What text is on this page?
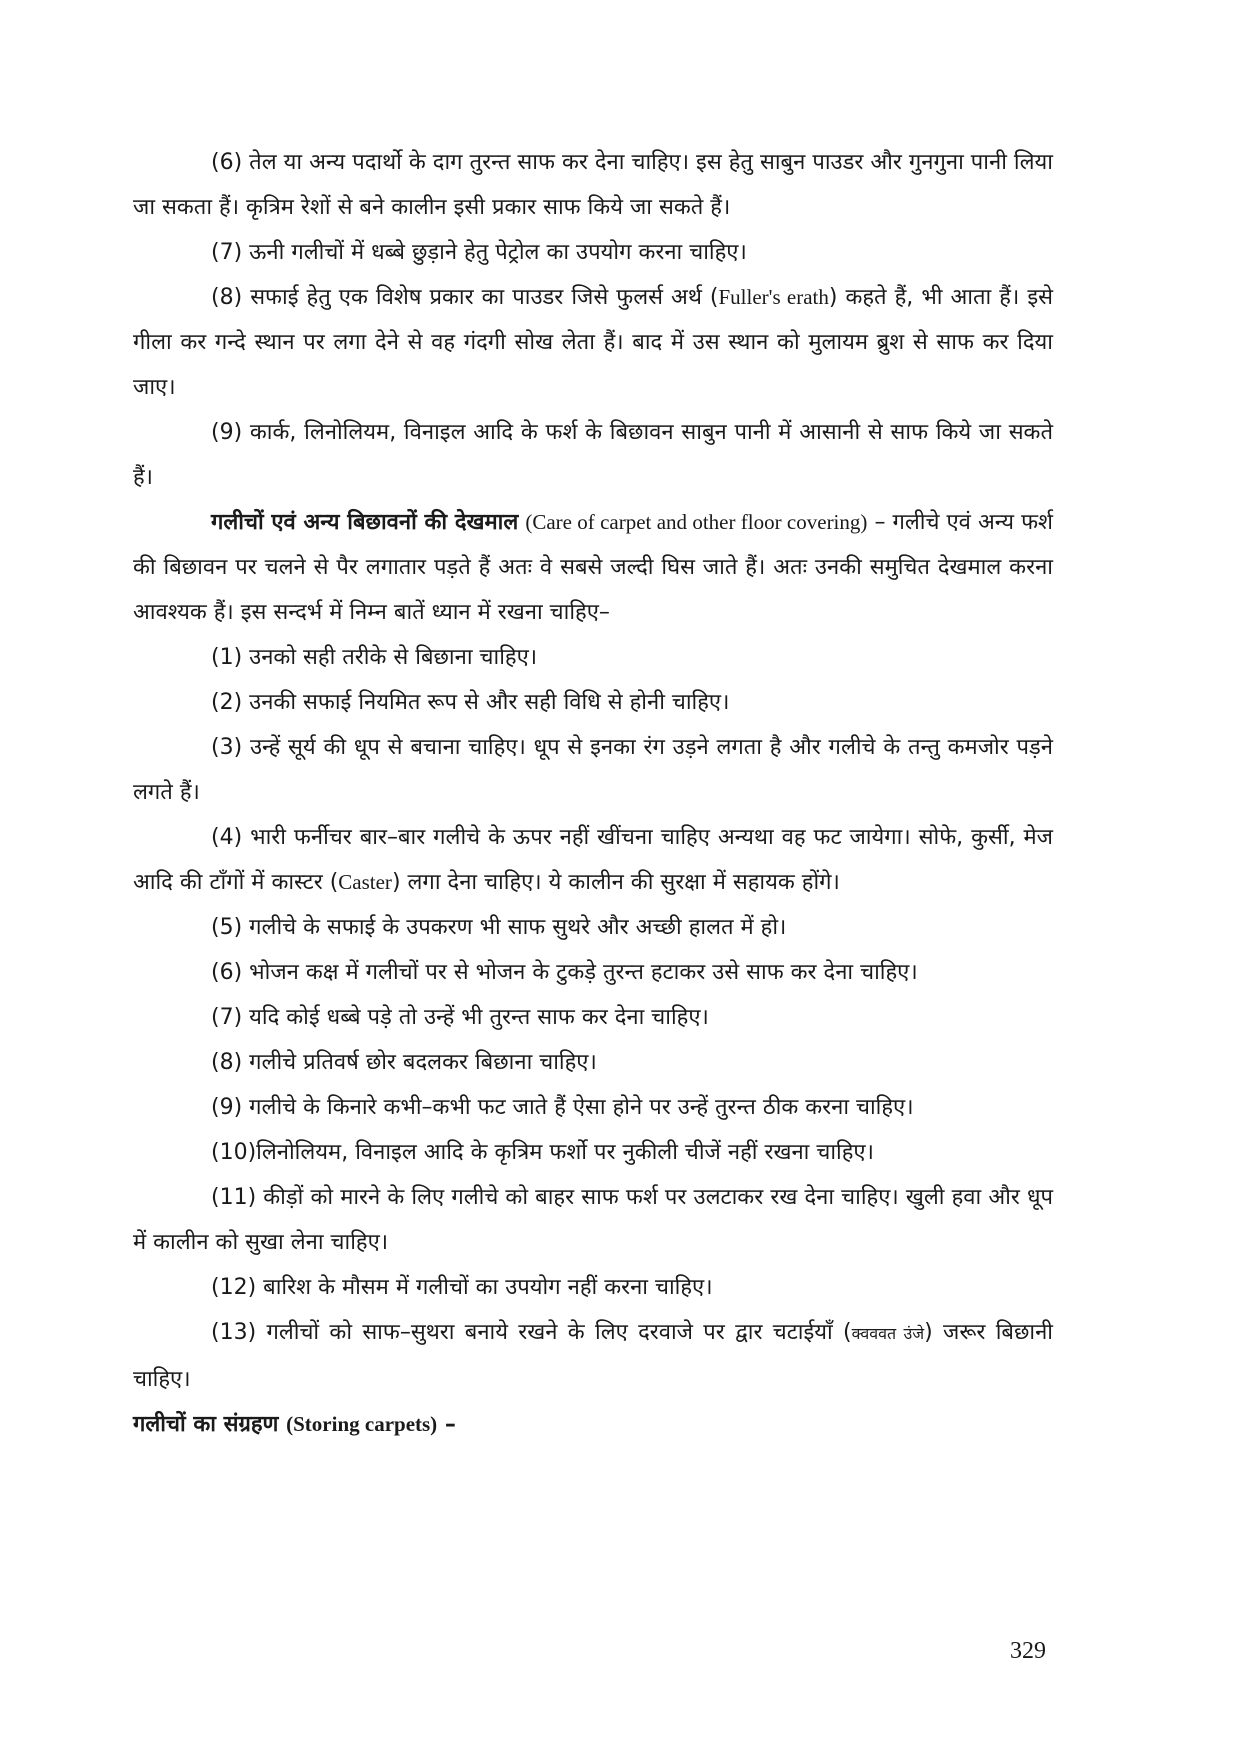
(6) तेल या अन्य पदार्थो के दाग तुरन्त साफ कर देना चाहिए। इस हेतु साबुन पाउडर और गुनगुना पानी लिया जा सकता हैं। कृत्रिम रेशों से बने कालीन इसी प्रकार साफ किये जा सकते हैं।

(7) ऊनी गलीचों में धब्बे छुड़ाने हेतु पेट्रोल का उपयोग करना चाहिए।

(8) सफाई हेतु एक विशेष प्रकार का पाउडर जिसे फुलर्स अर्थ (Fuller's erath) कहते हैं, भी आता हैं। इसे गीला कर गन्दे स्थान पर लगा देने से वह गंदगी सोख लेता हैं। बाद में उस स्थान को मुलायम ब्रुश से साफ कर दिया जाए।

(9) कार्क, लिनोलियम, विनाइल आदि के फर्श के बिछावन साबुन पानी में आसानी से साफ किये जा सकते हैं।

गलीचों एवं अन्य बिछावनों की देखमाल (Care of carpet and other floor covering) – गलीचे एवं अन्य फर्श की बिछावन पर चलने से पैर लगातार पड़ते हैं अतः वे सबसे जल्दी घिस जाते हैं। अतः उनकी समुचित देखमाल करना आवश्यक हैं। इस सन्दर्भ में निम्न बातें ध्यान में रखना चाहिए–

(1) उनको सही तरीके से बिछाना चाहिए।

(2) उनकी सफाई नियमित रूप से और सही विधि से होनी चाहिए।

(3) उन्हें सूर्य की धूप से बचाना चाहिए। धूप से इनका रंग उड़ने लगता है और गलीचे के तन्तु कमजोर पड़ने लगते हैं।

(4) भारी फर्नीचर बार–बार गलीचे के ऊपर नहीं खींचना चाहिए अन्यथा वह फट जायेगा। सोफे, कुर्सी, मेज आदि की टाँगों में कास्टर (Caster) लगा देना चाहिए। ये कालीन की सुरक्षा में सहायक होंगे।

(5) गलीचे के सफाई के उपकरण भी साफ सुथरे और अच्छी हालत में हो।

(6) भोजन कक्ष में गलीचों पर से भोजन के टुकड़े तुरन्त हटाकर उसे साफ कर देना चाहिए।

(7) यदि कोई धब्बे पड़े तो उन्हें भी तुरन्त साफ कर देना चाहिए।

(8) गलीचे प्रतिवर्ष छोर बदलकर बिछाना चाहिए।

(9) गलीचे के किनारे कभी–कभी फट जाते हैं ऐसा होने पर उन्हें तुरन्त ठीक करना चाहिए।

(10)लिनोलियम, विनाइल आदि के कृत्रिम फर्शो पर नुकीली चीजें नहीं रखना चाहिए।

(11) कीड़ों को मारने के लिए गलीचे को बाहर साफ फर्श पर उलटाकर रख देना चाहिए। खुली हवा और धूप में कालीन को सुखा लेना चाहिए।

(12) बारिश के मौसम में गलीचों का उपयोग नहीं करना चाहिए।

(13) गलीचों को साफ–सुथरा बनाये रखने के लिए दरवाजे पर द्वार चटाईयाँ (क्वववत उंजे) जरूर बिछानी चाहिए।

गलीचों का संग्रहण (Storing carpets) –

329
